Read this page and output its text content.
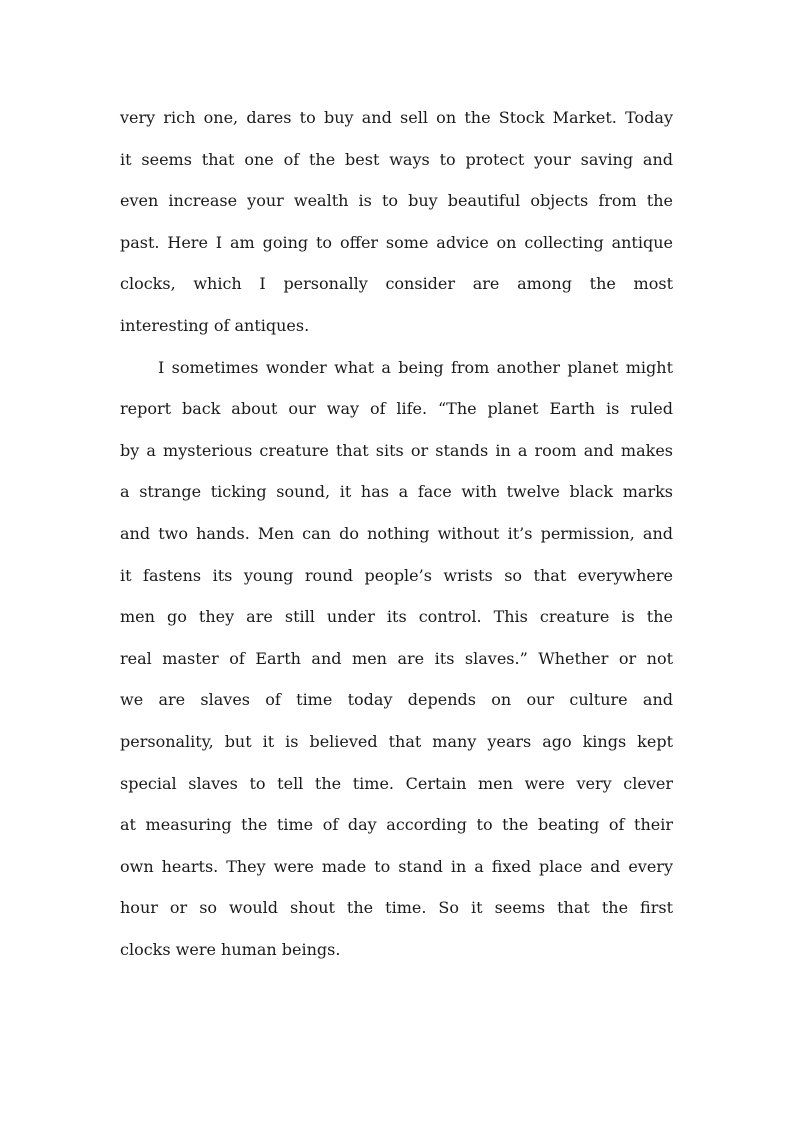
very rich one, dares to buy and sell on the Stock Market. Today
it seems that one of the best ways to protect your saving and
even increase your wealth is to buy beautiful objects from the
past. Here I am going to offer some advice on collecting antique
clocks, which I personally consider are among the most
interesting of antiques.
I sometimes wonder what a being from another planet might
report back about our way of life. “The planet Earth is ruled
by a mysterious creature that sits or stands in a room and makes
a strange ticking sound, it has a face with twelve black marks
and two hands. Men can do nothing without it’s permission, and
it fastens its young round people’s wrists so that everywhere
men go they are still under its control. This creature is the
real master of Earth and men are its slaves.” Whether or not
we are slaves of time today depends on our culture and
personality, but it is believed that many years ago kings kept
special slaves to tell the time. Certain men were very clever
at measuring the time of day according to the beating of their
own hearts. They were made to stand in a fixed place and every
hour or so would shout the time. So it seems that the first
clocks were human beings.
